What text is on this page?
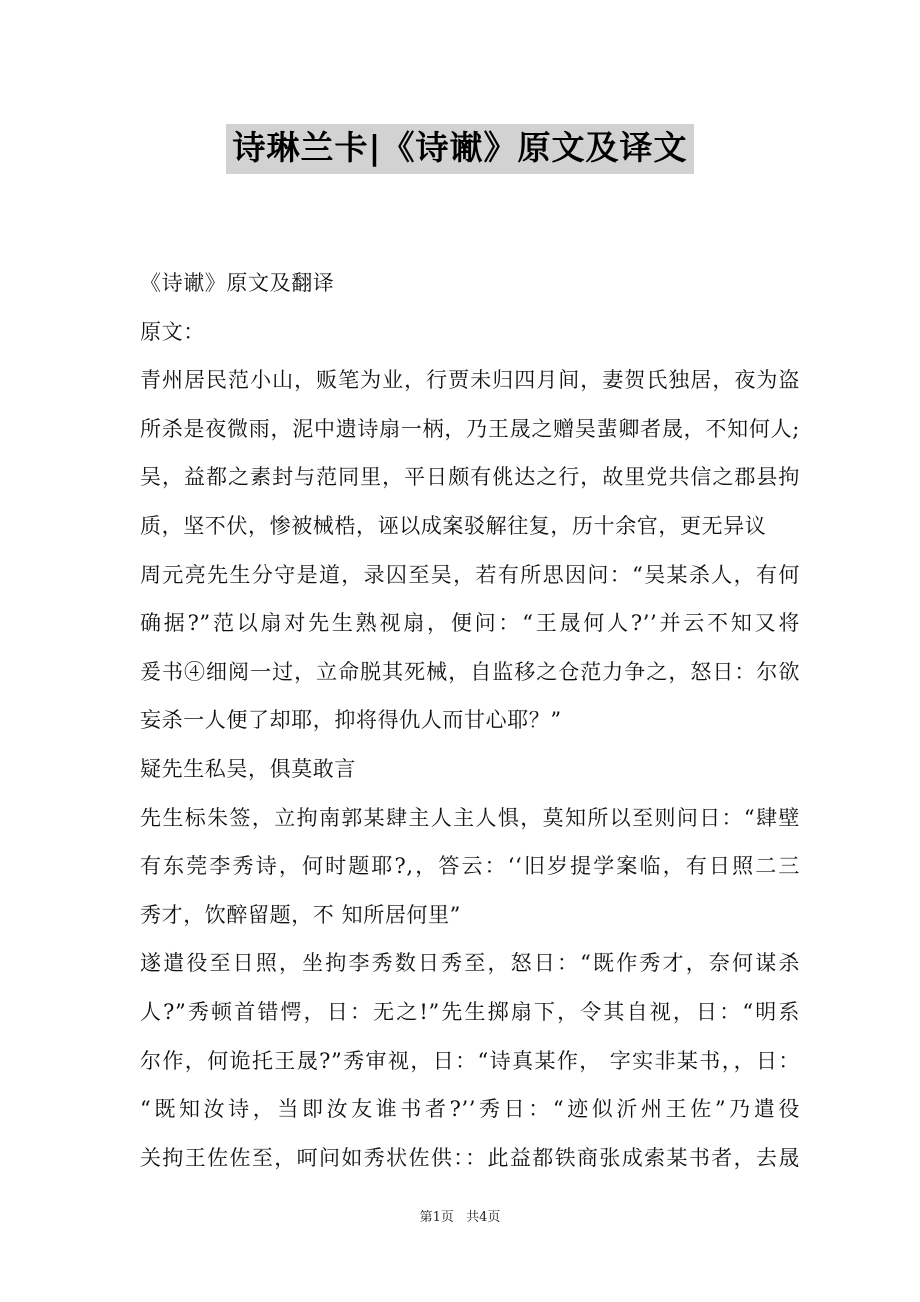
诗琳兰卡|《诗谳》原文及译文
《诗谳》原文及翻译
原文：
青州居民范小山，贩笔为业，行贾未归四月间，妻贺氏独居，夜为盗
所杀是夜微雨，泥中遗诗扇一柄，乃王晟之赠吴蜚卿者晟，不知何人;
吴，益都之素封与范同里，平日颇有佻达之行，故里党共信之郡县拘
质，坚不伏，惨被械梏，诬以成案驳解往复，历十余官，更无异议
周元亮先生分守是道，录囚至吴，若有所思因问：“吴某杀人，有何
确据?”范以扇对先生熟视扇，便问：“王晟何人?’’并云不知又将
爰书④细阅一过，立命脱其死械，自监移之仓范力争之，怒日：尔欲
妄杀一人便了却耶，抑将得仇人而甘心耶？”
疑先生私吴，俱莫敢言
先生标朱签，立拘南郭某肆主人主人惧，莫知所以至则问日：“肆壁
有东莞李秀诗，何时题耶?,，答云：‘‘旧岁提学案临，有日照二三
秀才，饮醉留题，不 知所居何里”
遂遣役至日照，坐拘李秀数日秀至，怒日：“既作秀才，奈何谋杀
人?”秀顿首错愕，日：无之!”先生掷扇下，令其自视，日：“明系
尔作，何诡托王晟?”秀审视，日：“诗真某作， 字实非某书，，日：
“既知汝诗，当即汝友谁书者?’’秀日：“迹似沂州王佐”乃遣役
关拘王佐佐至，呵问如秀状佐供：：此益都铁商张成索某书者，去晟
第1页 共4页
